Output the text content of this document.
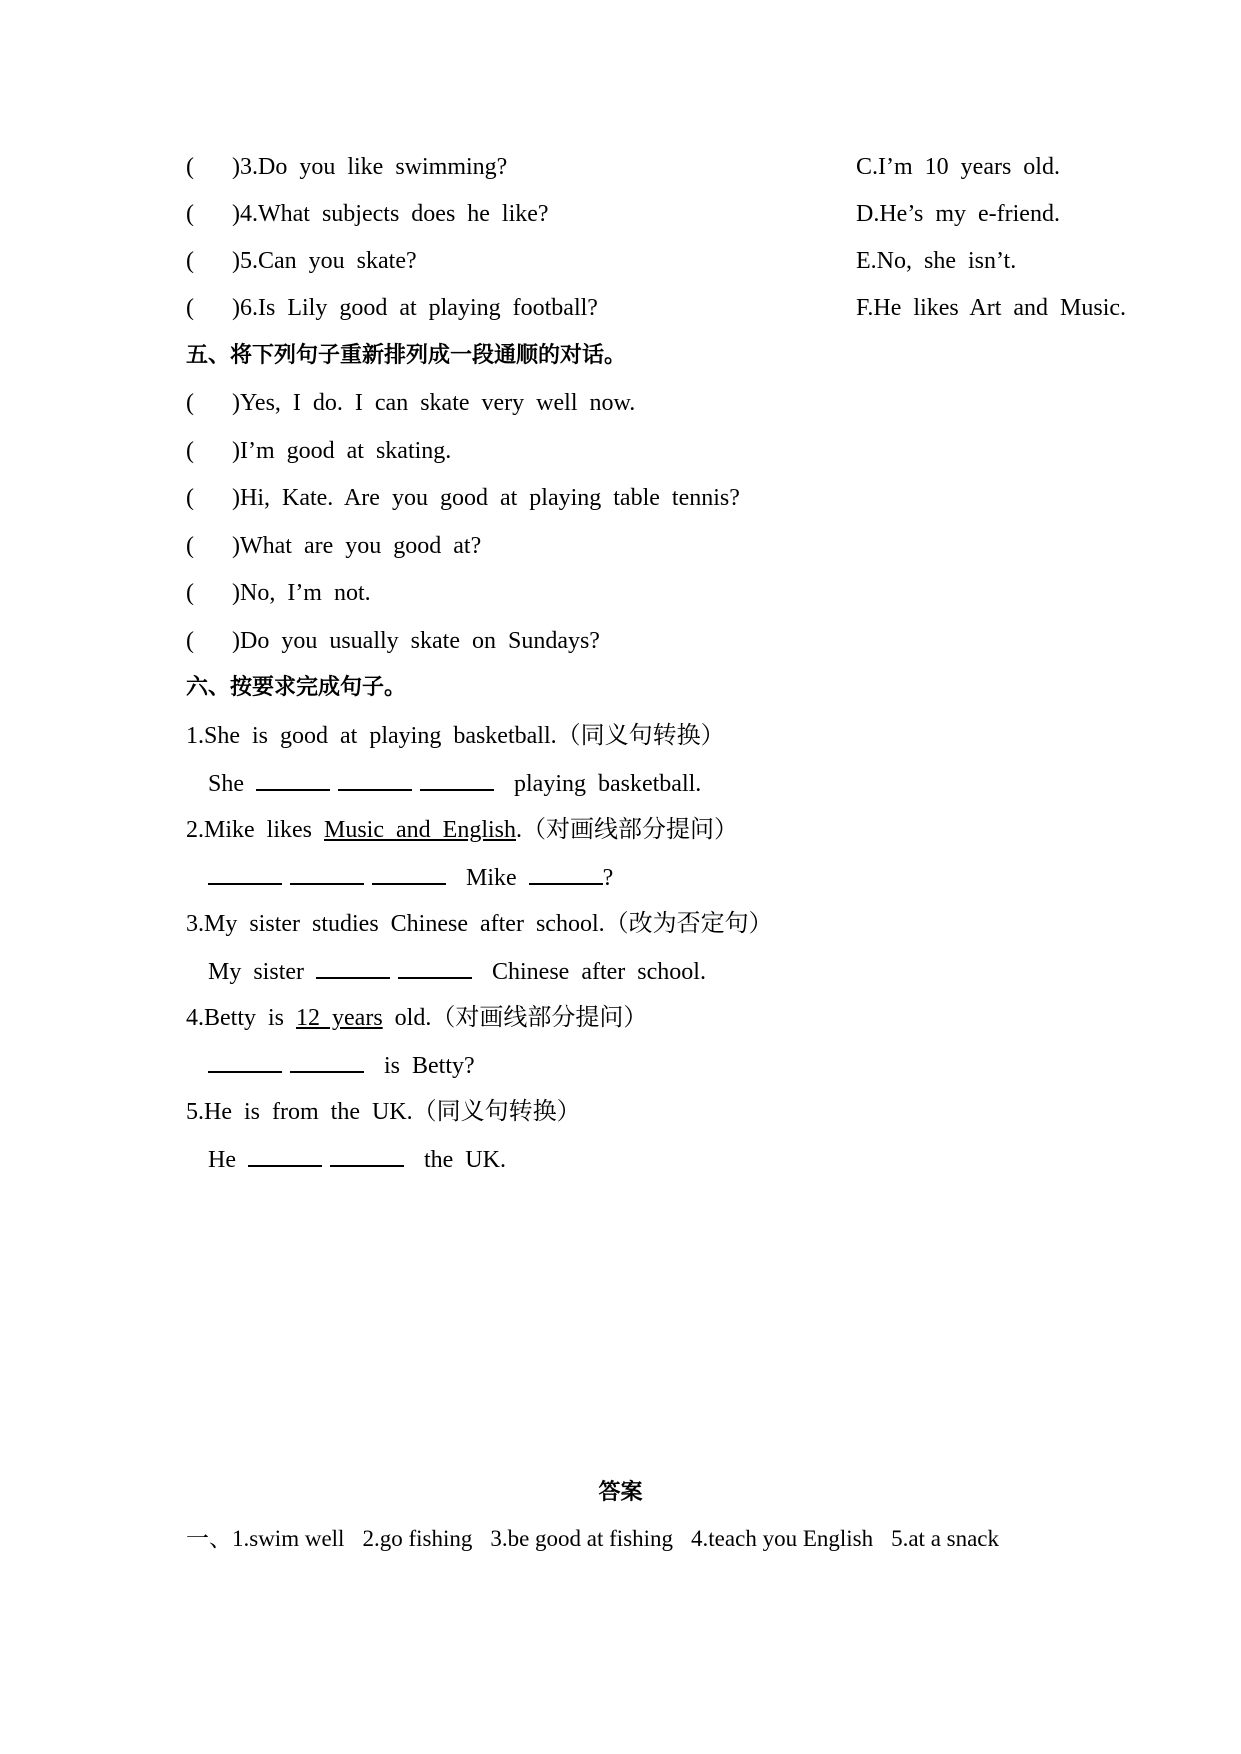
( )3.Do you like swimming?	C.I’m 10 years old.
( )4.What subjects does he like?	D.He’s my e-friend.
( )5.Can you skate?	E.No, she isn’t.
( )6.Is Lily good at playing football?	F.He likes Art and Music.
五、将下列句子重新排列成一段通顺的对话。
( )Yes, I do. I can skate very well now.
( )I’m good at skating.
( )Hi, Kate. Are you good at playing table tennis?
( )What are you good at?
( )No, I’m not.
( )Do you usually skate on Sundays?
六、按要求完成句子。
1.She is good at playing basketball.（同义句转换）
She	playing basketball.
2.Mike likes Music and English.（对画线部分提问）
Mike	?
3.My sister studies Chinese after school.（改为否定句）
My sister	Chinese after school.
4.Betty is 12 years old.（对画线部分提问）
is Betty?
5.He is from the UK.（同义句转换）
He	the UK.
答案
一、1.swim well 2.go fishing 3.be good at fishing 4.teach you English 5.at a snack
